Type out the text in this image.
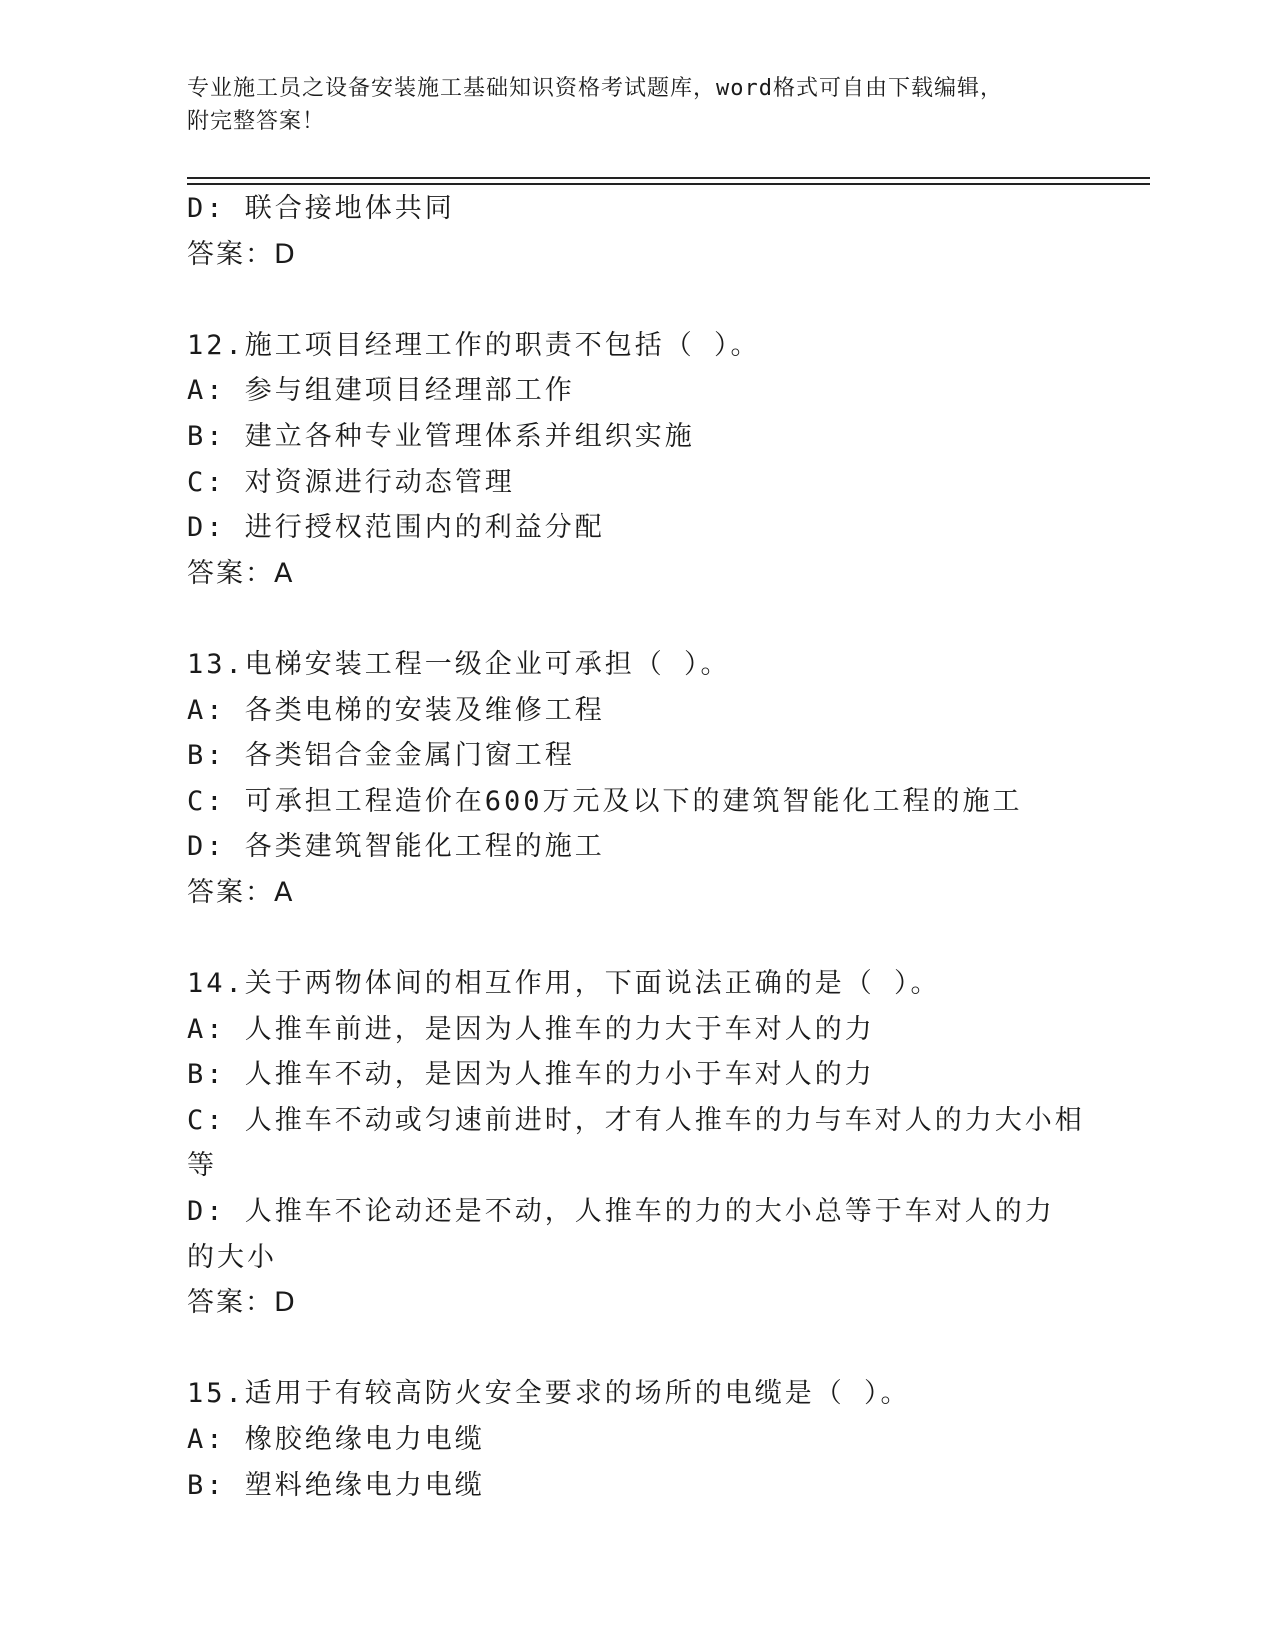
专业施工员之设备安装施工基础知识资格考试题库，word格式可自由下载编辑，
附完整答案！

D: 联合接地体共同

答案：D

12.施工项目经理工作的职责不包括（ ）。

A: 参与组建项目经理部工作

B: 建立各种专业管理体系并组织实施

C: 对资源进行动态管理

D: 进行授权范围内的利益分配

答案：A

13.电梯安装工程一级企业可承担（ ）。

A: 各类电梯的安装及维修工程

B: 各类铝合金金属门窗工程

C: 可承担工程造价在600万元及以下的建筑智能化工程的施工

D: 各类建筑智能化工程的施工

答案：A

14.关于两物体间的相互作用，下面说法正确的是（ ）。

A: 人推车前进，是因为人推车的力大于车对人的力

B: 人推车不动，是因为人推车的力小于车对人的力

C: 人推车不动或匀速前进时，才有人推车的力与车对人的力大小相等

D: 人推车不论动还是不动，人推车的力的大小总等于车对人的力的大小

答案：D

15.适用于有较高防火安全要求的场所的电缆是（ ）。

A: 橡胶绝缘电力电缆

B: 塑料绝缘电力电缆
